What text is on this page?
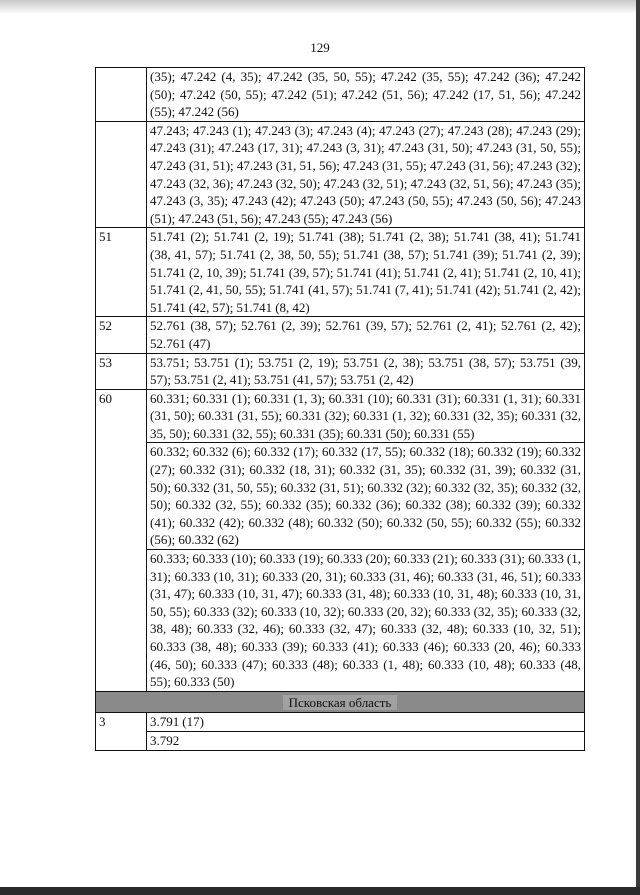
129
	(35); 47.242 (4, 35); 47.242 (35, 50, 55); 47.242 (35, 55); 47.242 (36); 47.242 (50); 47.242 (50, 55); 47.242 (51); 47.242 (51, 56); 47.242 (17, 51, 56); 47.242 (55); 47.242 (56)
	47.243; 47.243 (1); 47.243 (3); 47.243 (4); 47.243 (27); 47.243 (28); 47.243 (29); 47.243 (31); 47.243 (17, 31); 47.243 (3, 31); 47.243 (31, 50); 47.243 (31, 50, 55); 47.243 (31, 51); 47.243 (31, 51, 56); 47.243 (31, 55); 47.243 (31, 56); 47.243 (32); 47.243 (32, 36); 47.243 (32, 50); 47.243 (32, 51); 47.243 (32, 51, 56); 47.243 (35); 47.243 (3, 35); 47.243 (42); 47.243 (50); 47.243 (50, 55); 47.243 (50, 56); 47.243 (51); 47.243 (51, 56); 47.243 (55); 47.243 (56)
51	51.741 (2); 51.741 (2, 19); 51.741 (38); 51.741 (2, 38); 51.741 (38, 41); 51.741 (38, 41, 57); 51.741 (2, 38, 50, 55); 51.741 (38, 57); 51.741 (39); 51.741 (2, 39); 51.741 (2, 10, 39); 51.741 (39, 57); 51.741 (41); 51.741 (2, 41); 51.741 (2, 10, 41); 51.741 (2, 41, 50, 55); 51.741 (41, 57); 51.741 (7, 41); 51.741 (42); 51.741 (2, 42); 51.741 (42, 57); 51.741 (8, 42)
52	52.761 (38, 57); 52.761 (2, 39); 52.761 (39, 57); 52.761 (2, 41); 52.761 (2, 42); 52.761 (47)
53	53.751; 53.751 (1); 53.751 (2, 19); 53.751 (2, 38); 53.751 (38, 57); 53.751 (39, 57); 53.751 (2, 41); 53.751 (41, 57); 53.751 (2, 42)
60	60.331; 60.331 (1); 60.331 (1, 3); 60.331 (10); 60.331 (31); 60.331 (1, 31); 60.331 (31, 50); 60.331 (31, 55); 60.331 (32); 60.331 (1, 32); 60.331 (32, 35); 60.331 (32, 35, 50); 60.331 (32, 55); 60.331 (35); 60.331 (50); 60.331 (55)
	60.332; 60.332 (6); 60.332 (17); 60.332 (17, 55); 60.332 (18); 60.332 (19); 60.332 (27); 60.332 (31); 60.332 (18, 31); 60.332 (31, 35); 60.332 (31, 39); 60.332 (31, 50); 60.332 (31, 50, 55); 60.332 (31, 51); 60.332 (32); 60.332 (32, 35); 60.332 (32, 50); 60.332 (32, 55); 60.332 (35); 60.332 (36); 60.332 (38); 60.332 (39); 60.332 (41); 60.332 (42); 60.332 (48); 60.332 (50); 60.332 (50, 55); 60.332 (55); 60.332 (56); 60.332 (62)
	60.333; 60.333 (10); 60.333 (19); 60.333 (20); 60.333 (21); 60.333 (31); 60.333 (1, 31); 60.333 (10, 31); 60.333 (20, 31); 60.333 (31, 46); 60.333 (31, 46, 51); 60.333 (31, 47); 60.333 (10, 31, 47); 60.333 (31, 48); 60.333 (10, 31, 48); 60.333 (10, 31, 50, 55); 60.333 (32); 60.333 (10, 32); 60.333 (20, 32); 60.333 (32, 35); 60.333 (32, 38, 48); 60.333 (32, 46); 60.333 (32, 47); 60.333 (32, 48); 60.333 (10, 32, 51); 60.333 (38, 48); 60.333 (39); 60.333 (41); 60.333 (46); 60.333 (20, 46); 60.333 (46, 50); 60.333 (47); 60.333 (48); 60.333 (1, 48); 60.333 (10, 48); 60.333 (48, 55); 60.333 (50)
Псковская область	
3	3.791 (17)
	3.792
